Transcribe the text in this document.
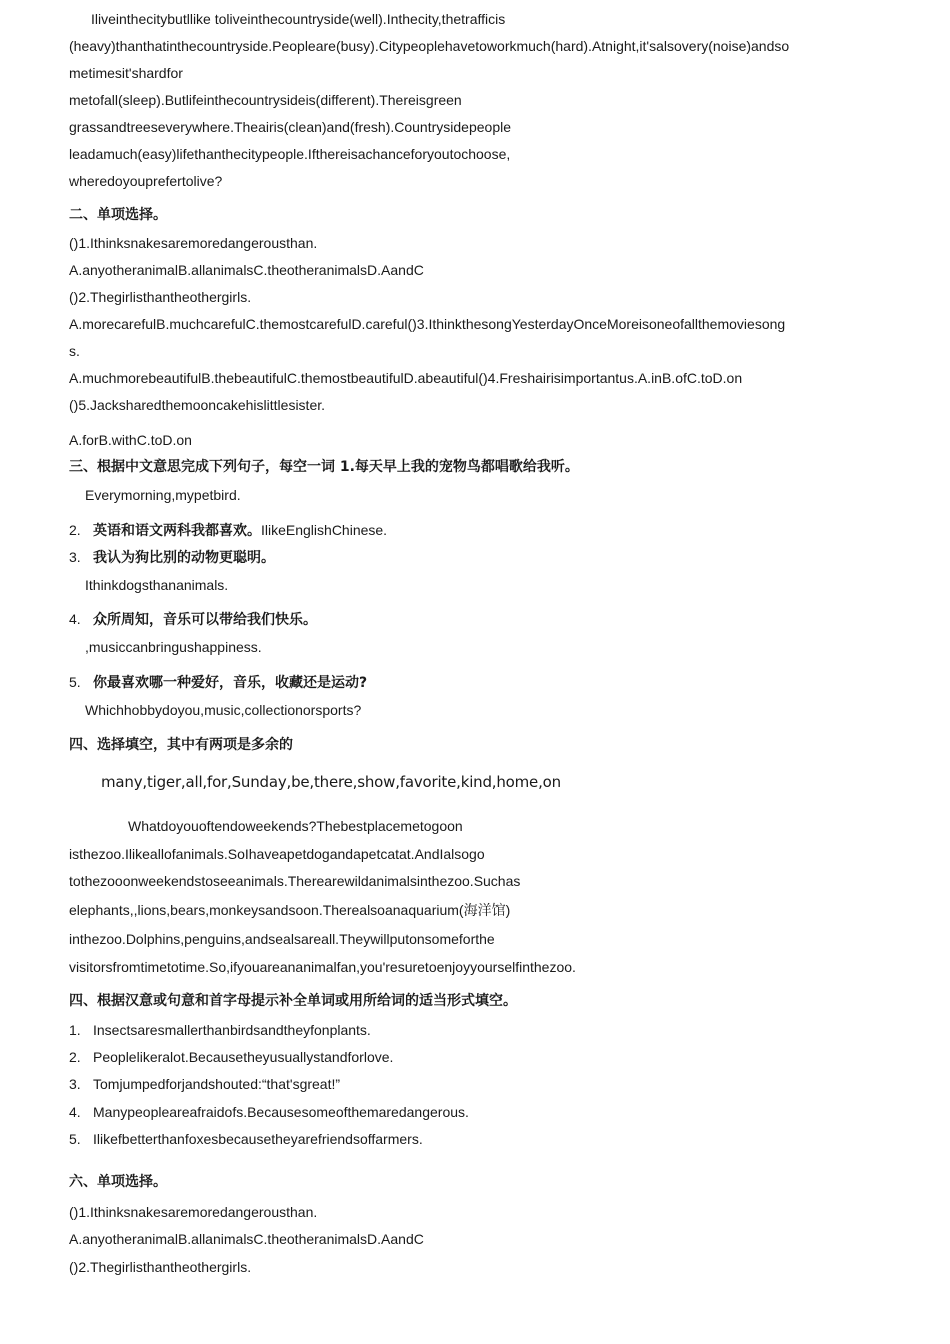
Iliveinthecitybutllike toliveinthecountryside(well).Inthecity,thetrafficis
(heavy)thanthatinthecountryside.Peopleare(busy).Citypeoplehavetoworkmuch(hard).Atnight,it'salsovery(noise)andso
metimesit'shardfor
metofall(sleep).Butlifeinthecountrysideis(different).Thereisgreen
grassandtreeseverywhere.Theairis(clean)and(fresh).Countrysidepeople
leadamuch(easy)lifethanthecitypeople.Ifthereisachanceforyoutochoose,
wheredoyouprefertolive?
二、单项选择。
()1.Ithinksnakesaremoredangerousthan.
A.anyotheranimalB.allanimalsC.theotheranimalsD.AandC
()2.Thegirlisthantheothergirls.
A.morecarefulB.muchcarefulC.themostcarefulD.careful()3.IthinkthesongYesterdayOnceMoreisoneofallthemoviesong
s.
A.muchmorebeautifulB.thebeautifulC.themostbeautifulD.abeautiful()4.Freshairisimportantus.A.inB.ofC.toD.on
()5.Jacksharedthemooncakehislittlesister.
A.forB.withC.toD.on
三、根据中文意思完成下列句子，每空一词 1.每天早上我的宠物鸟都唱歌给我听。
Everymorning,mypetbird.
2. 英语和语文两科我都喜欢。IlikeEnglishChinese.
3. 我认为狗比别的动物更聪明。
Ithinkdogsthananimals.
4. 众所周知，音乐可以带给我们快乐。
,musiccanbringushappiness.
5. 你最喜欢哪一种爱好，音乐，收藏还是运动?
Whichhobbydoyou,music,collectionorsports?
四、选择填空，其中有两项是多余的
many,tiger,all,for,Sunday,be,there,show,favorite,kind,home,on
Whatdoyouoftendoweekends?Thebestplacemetogoon
isthezoo.Ilikeallofanimals.SoIhaveapetdogandapetcatat.AndIalsogo
tothezooonweekendstoseeanimals.Therearewildanimalsinthezoo.Suchas
elephants,,lions,bears,monkeysandsoon.Therealsoanaquarium(海洋馆)
inthezoo.Dolphins,penguins,andsealsareall.Theywillputonsomeforthe
visitorsfromtimetotime.So,ifyouareananimalfan,you'resuretoenjoyyourselfinthezoo.
四、根据汉意或句意和首字母提示补全单词或用所给词的适当形式填空。
1. Insectsaresmallerthanbirdsandtheyfonplants.
2. Peoplelikeralot.Becausetheyusuallystandforlove.
3. Tomjumpedforjandshouted:“that'sgreat!”
4. Manypeopleareafraidofs.Becausesomeofthemaredangerous.
5. Ilikefbetterthanfoxesbecausetheyarefriendsoffarmers.
六、单项选择。
()1.Ithinksnakesaremoredangerousthan.
A.anyotheranimalB.allanimalsC.theotheranimalsD.AandC
()2.Thegirlisthantheothergirls.
